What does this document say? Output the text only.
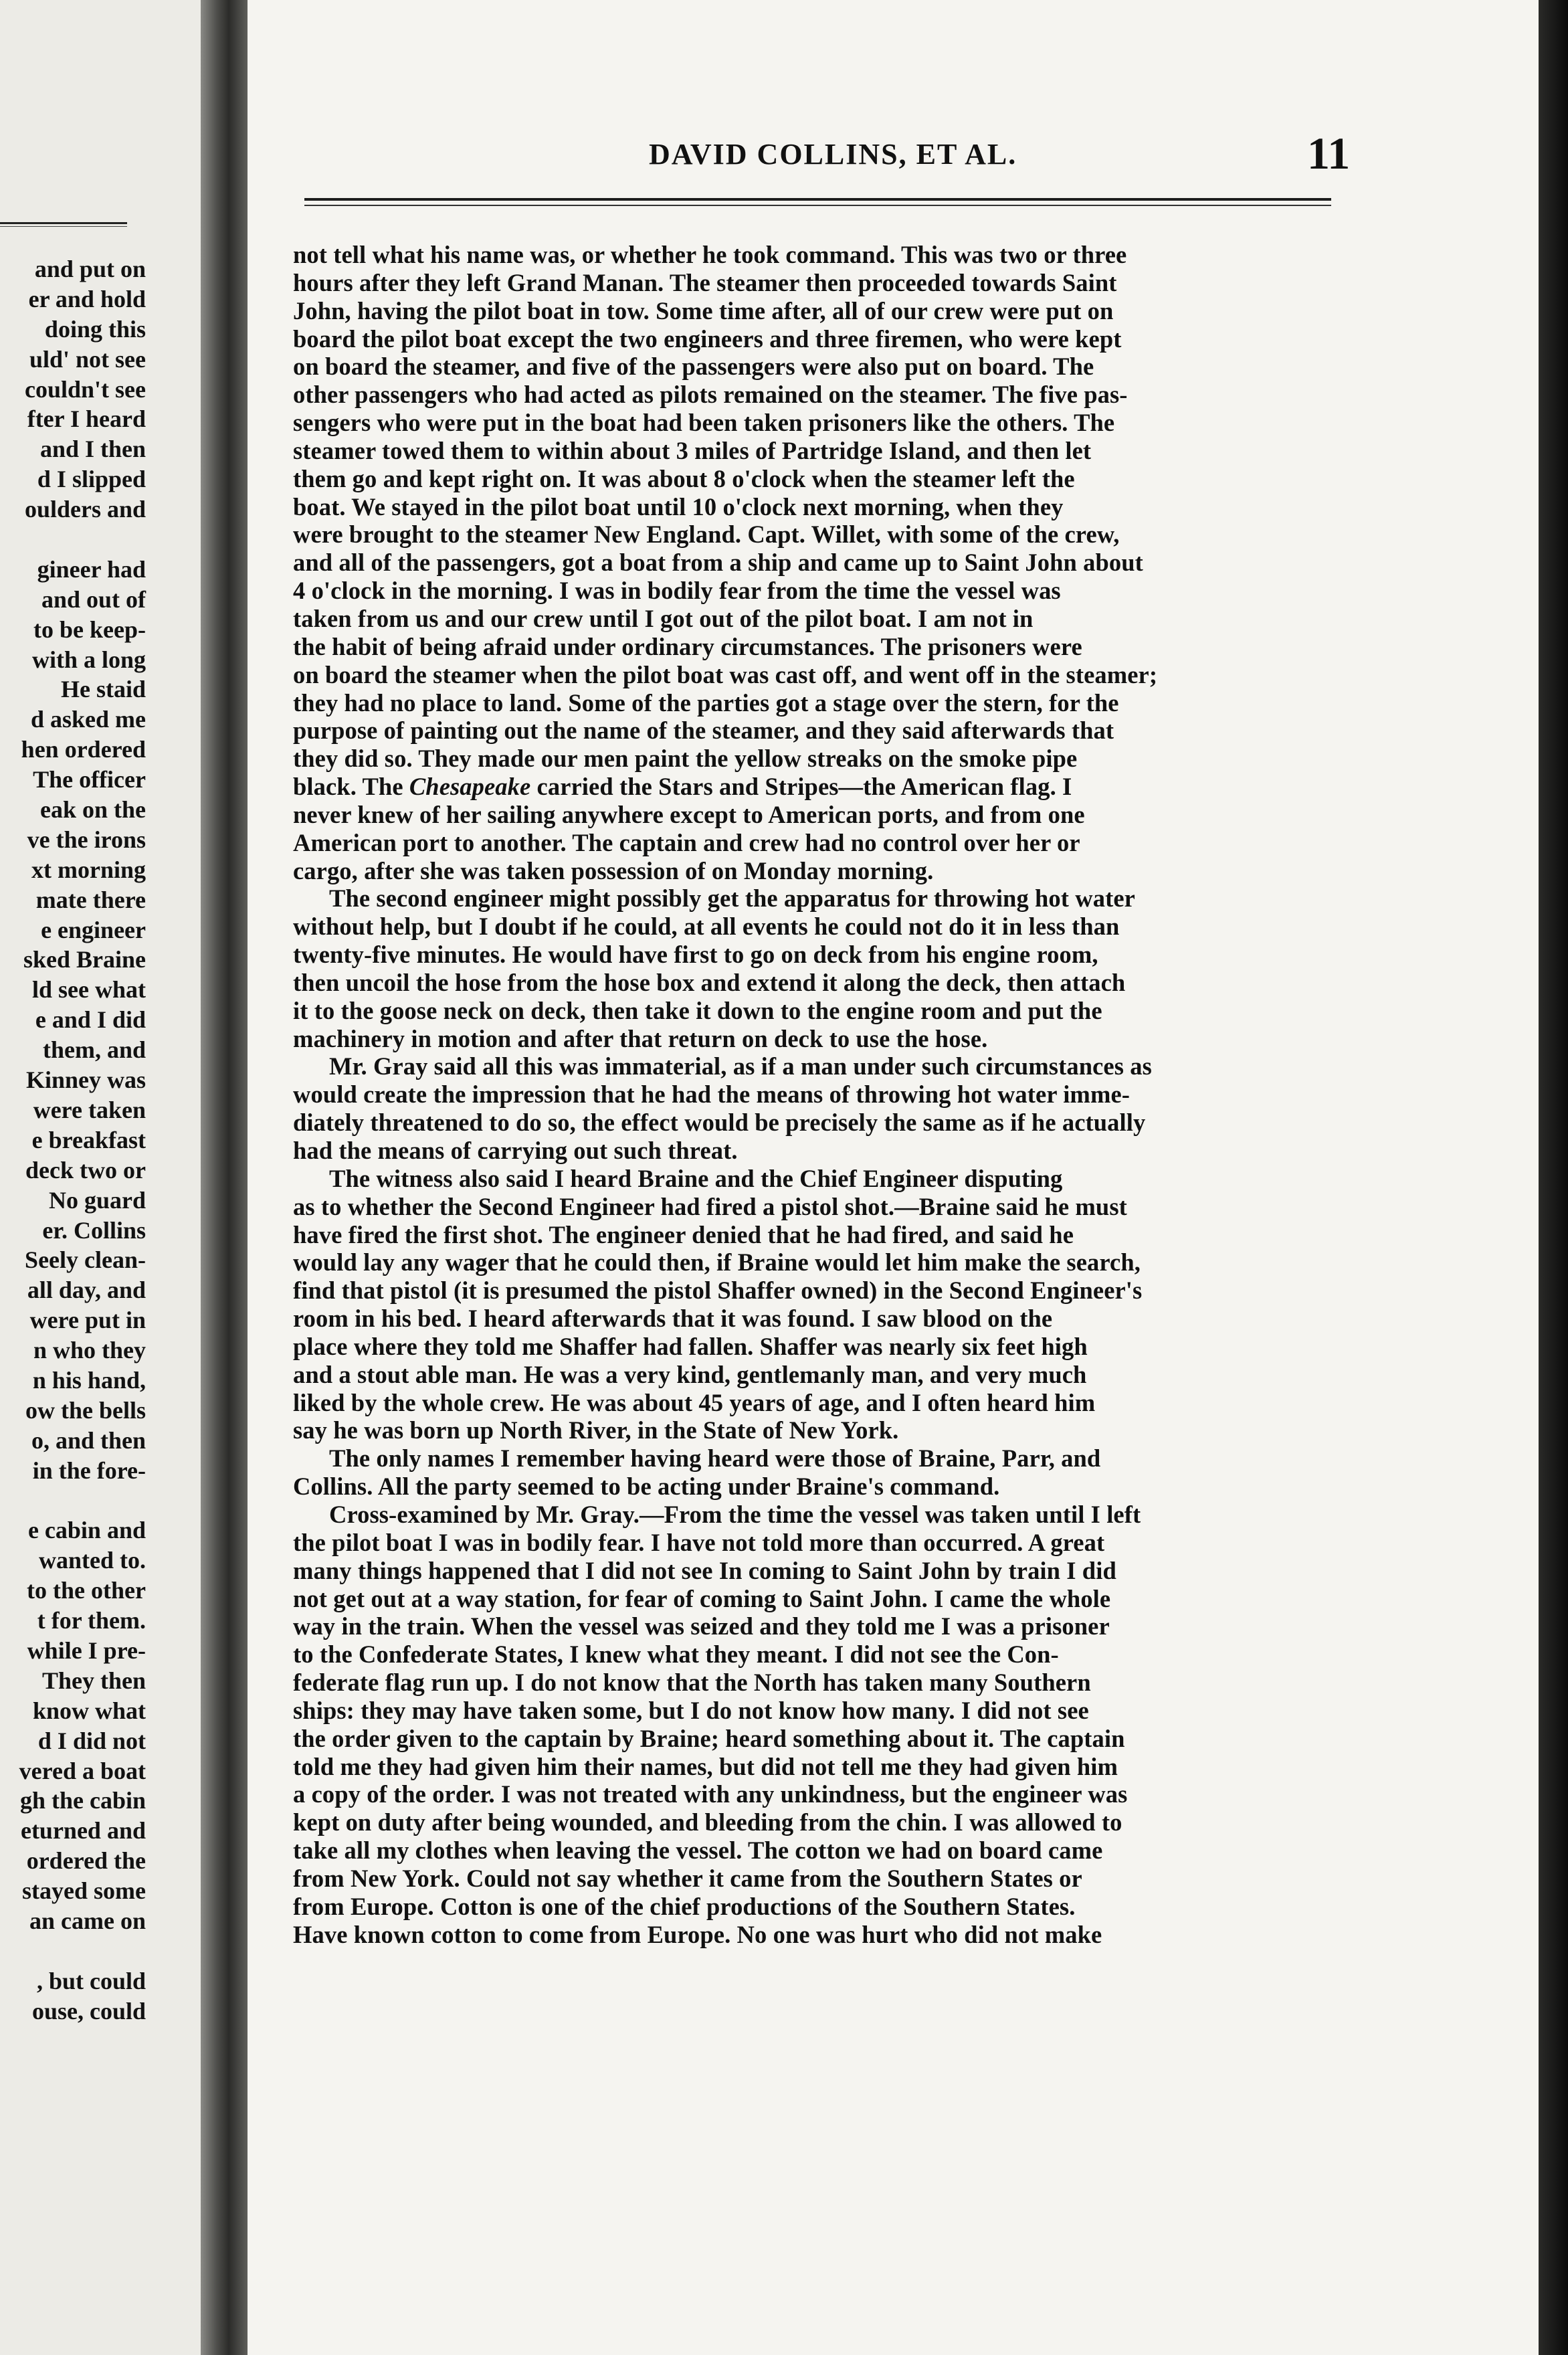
and put on
er and hold
doing this
uld' not see
couldn't see
fter I heard
and I then
d I slipped
oulders and
gineer had
and out of
to be keep-
with a long
He staid
d asked me
hen ordered
The officer
eak on the
ve the irons
xt morning
mate there
e engineer
sked Braine
ld see what
e and I did
them, and
Kinney was
were taken
e breakfast
deck two or
No guard
er. Collins
Seely clean-
all day, and
were put in
n who they
n his hand,
ow the bells
o, and then
in the fore-
e cabin and
wanted to.
to the other
t for them.
while I pre-
They then
know what
d I did not
vered a boat
gh the cabin
eturned and
ordered the
stayed some
an came on
, but could
ouse, could
DAVID COLLINS, ET AL.	11
not tell what his name was, or whether he took command. This was two or three
hours after they left Grand Manan. The steamer then proceeded towards Saint
John, having the pilot boat in tow. Some time after, all of our crew were put on
board the pilot boat except the two engineers and three firemen, who were kept
on board the steamer, and five of the passengers were also put on board. The
other passengers who had acted as pilots remained on the steamer. The five pas-
sengers who were put in the boat had been taken prisoners like the others. The
steamer towed them to within about 3 miles of Partridge Island, and then let
them go and kept right on. It was about 8 o'clock when the steamer left the
boat. We stayed in the pilot boat until 10 o'clock next morning, when they
were brought to the steamer New England. Capt. Willet, with some of the crew,
and all of the passengers, got a boat from a ship and came up to Saint John about
4 o'clock in the morning. I was in bodily fear from the time the vessel was
taken from us and our crew until I got out of the pilot boat. I am not in
the habit of being afraid under ordinary circumstances. The prisoners were
on board the steamer when the pilot boat was cast off, and went off in the steamer;
they had no place to land. Some of the parties got a stage over the stern, for the
purpose of painting out the name of the steamer, and they said afterwards that
they did so. They made our men paint the yellow streaks on the smoke pipe
black. The Chesapeake carried the Stars and Stripes—the American flag. I
never knew of her sailing anywhere except to American ports, and from one
American port to another. The captain and crew had no control over her or
cargo, after she was taken possession of on Monday morning.
The second engineer might possibly get the apparatus for throwing hot water
without help, but I doubt if he could, at all events he could not do it in less than
twenty-five minutes. He would have first to go on deck from his engine room,
then uncoil the hose from the hose box and extend it along the deck, then attach
it to the goose neck on deck, then take it down to the engine room and put the
machinery in motion and after that return on deck to use the hose.
Mr. Gray said all this was immaterial, as if a man under such circumstances as
would create the impression that he had the means of throwing hot water imme-
diately threatened to do so, the effect would be precisely the same as if he actually
had the means of carrying out such threat.
The witness also said I heard Braine and the Chief Engineer disputing
as to whether the Second Engineer had fired a pistol shot.—Braine said he must
have fired the first shot. The engineer denied that he had fired, and said he
would lay any wager that he could then, if Braine would let him make the search,
find that pistol (it is presumed the pistol Shaffer owned) in the Second Engineer's
room in his bed. I heard afterwards that it was found. I saw blood on the
place where they told me Shaffer had fallen. Shaffer was nearly six feet high
and a stout able man. He was a very kind, gentlemanly man, and very much
liked by the whole crew. He was about 45 years of age, and I often heard him
say he was born up North River, in the State of New York.
The only names I remember having heard were those of Braine, Parr, and
Collins. All the party seemed to be acting under Braine's command.
Cross-examined by Mr. Gray.—From the time the vessel was taken until I left
the pilot boat I was in bodily fear. I have not told more than occurred. A great
many things happened that I did not see In coming to Saint John by train I did
not get out at a way station, for fear of coming to Saint John. I came the whole
way in the train. When the vessel was seized and they told me I was a prisoner
to the Confederate States, I knew what they meant. I did not see the Con-
federate flag run up. I do not know that the North has taken many Southern
ships: they may have taken some, but I do not know how many. I did not see
the order given to the captain by Braine; heard something about it. The captain
told me they had given him their names, but did not tell me they had given him
a copy of the order. I was not treated with any unkindness, but the engineer was
kept on duty after being wounded, and bleeding from the chin. I was allowed to
take all my clothes when leaving the vessel. The cotton we had on board came
from New York. Could not say whether it came from the Southern States or
from Europe. Cotton is one of the chief productions of the Southern States.
Have known cotton to come from Europe. No one was hurt who did not make
